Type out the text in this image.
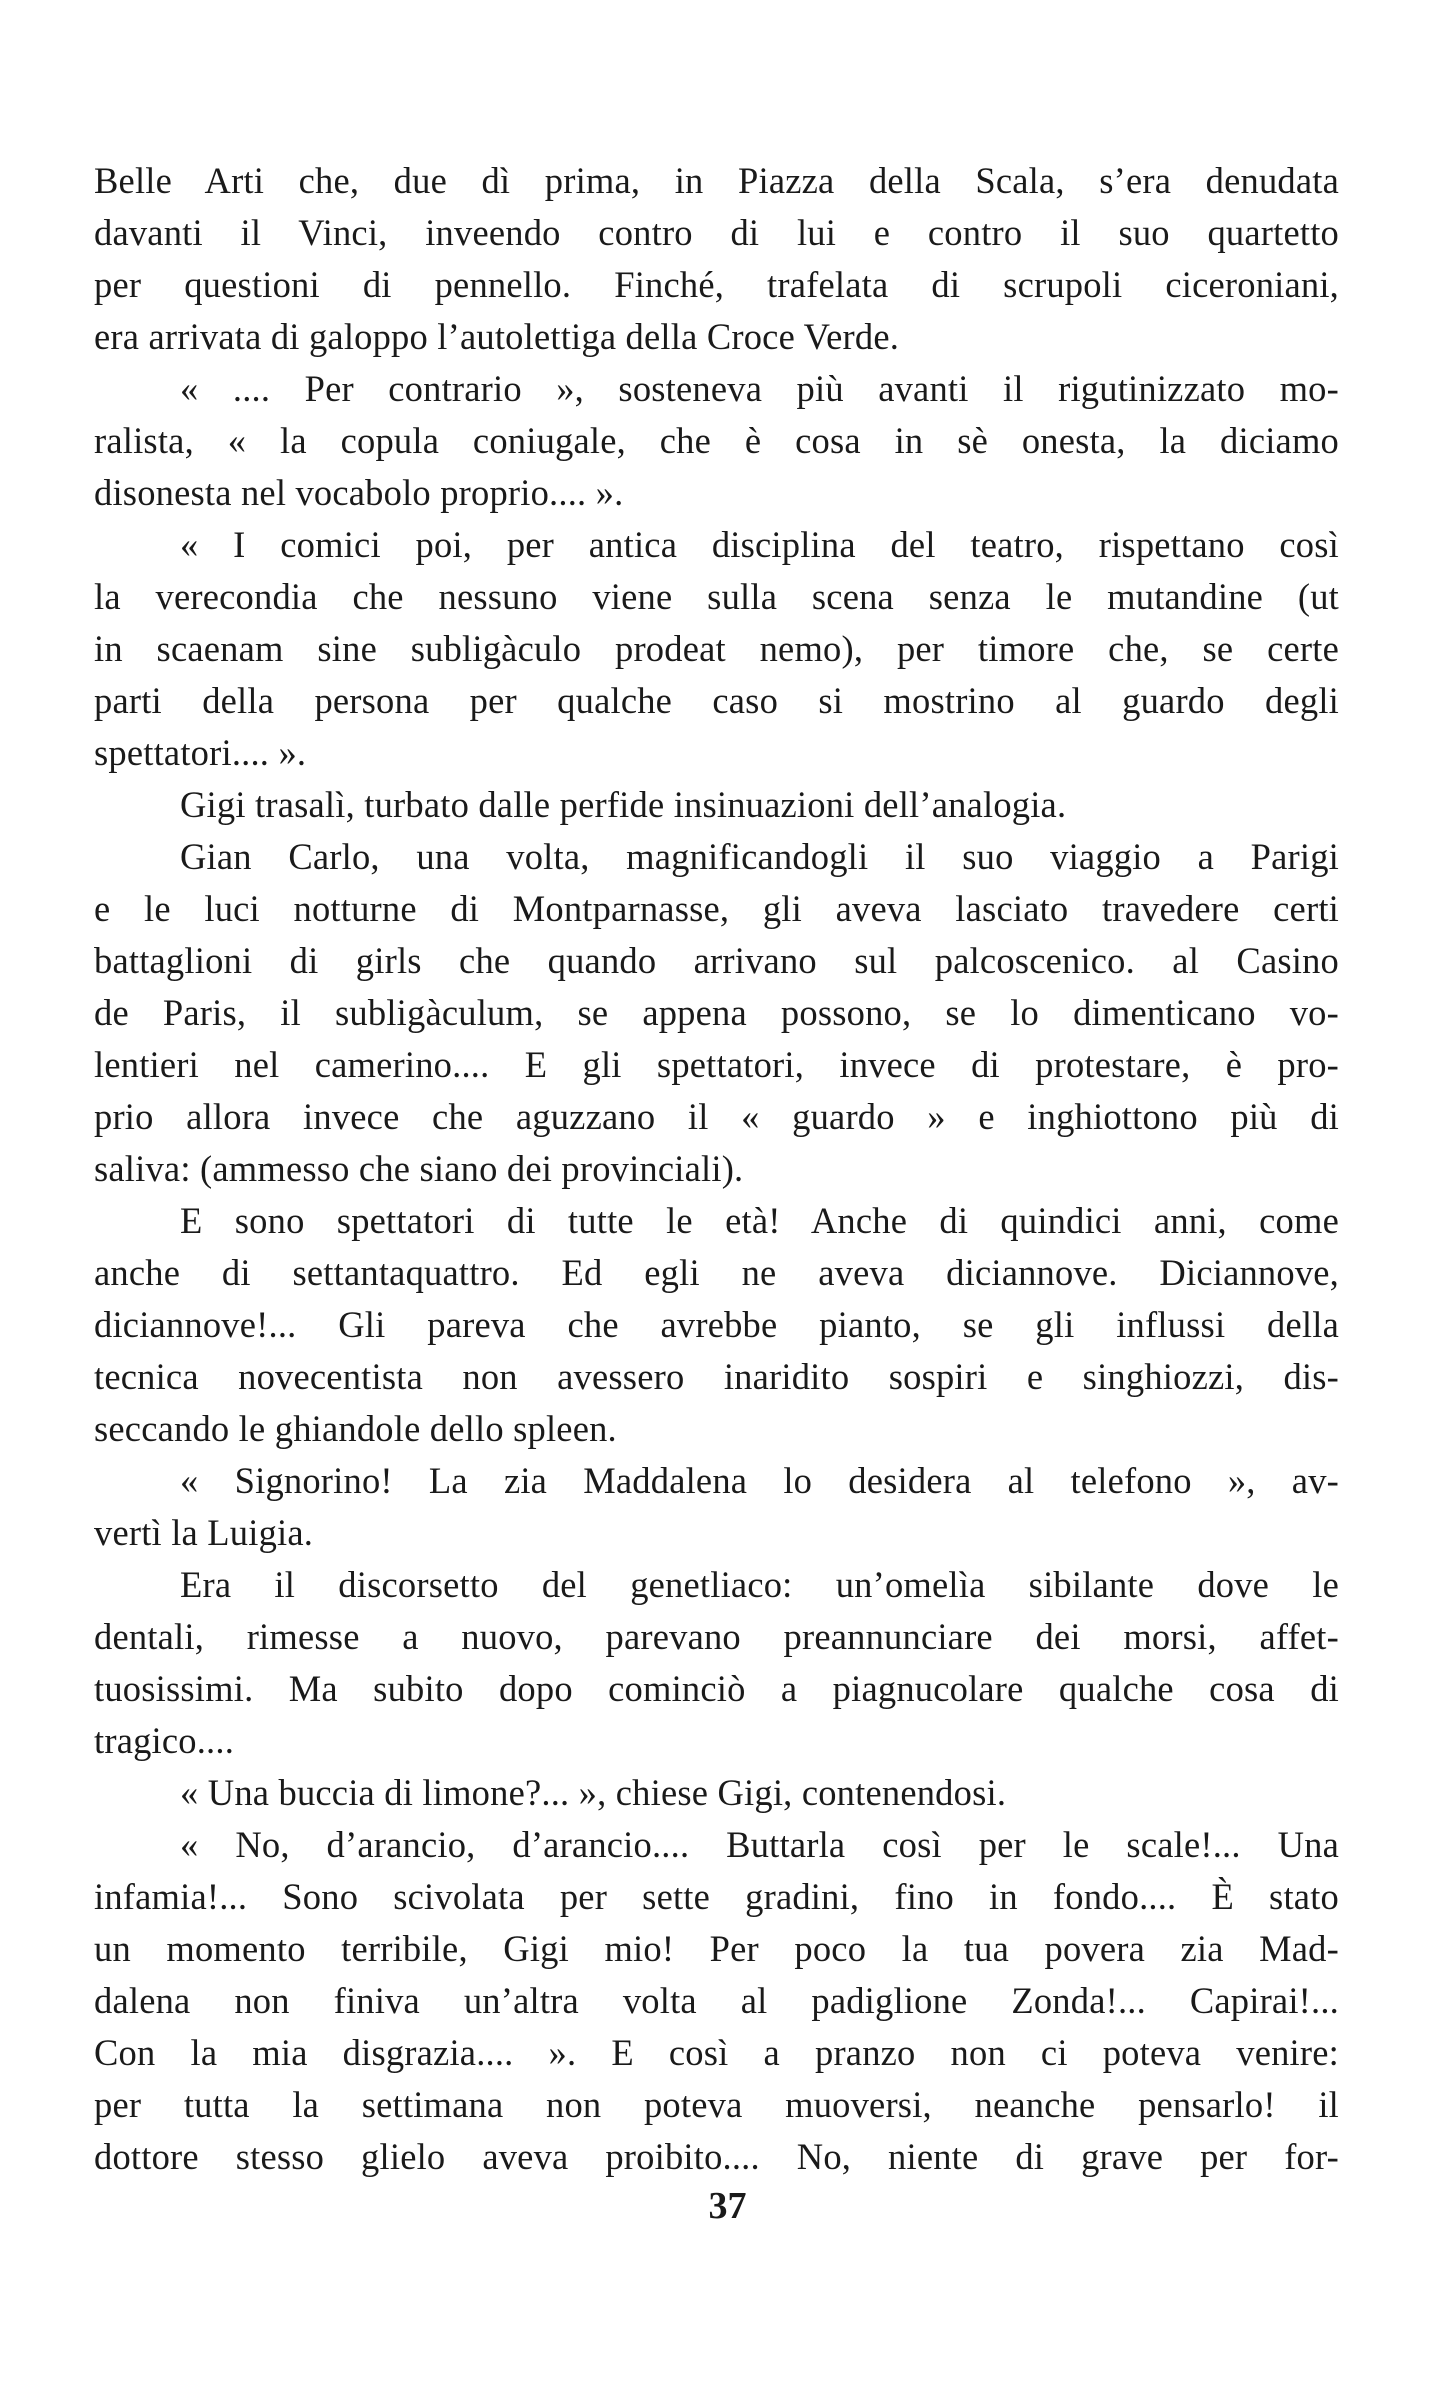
Belle Arti che, due dì prima, in Piazza della Scala, s’era denudata
davanti il Vinci, inveendo contro di lui e contro il suo quartetto
per questioni di pennello. Finché, trafelata di scrupoli ciceroniani,
era arrivata di galoppo l’autolettiga della Croce Verde.
« .... Per contrario », sosteneva più avanti il rigutinizzato mo-
ralista, « la copula coniugale, che è cosa in sè onesta, la diciamo
disonesta nel vocabolo proprio.... ».
« I comici poi, per antica disciplina del teatro, rispettano così
la verecondia che nessuno viene sulla scena senza le mutandine (ut
in scaenam sine subligàculo prodeat nemo), per timore che, se certe
parti della persona per qualche caso si mostrino al guardo degli
spettatori.... ».
Gigi trasalì, turbato dalle perfide insinuazioni dell’analogia.
Gian Carlo, una volta, magnificandogli il suo viaggio a Parigi
e le luci notturne di Montparnasse, gli aveva lasciato travedere certi
battaglioni di girls che quando arrivano sul palcoscenico. al Casino
de Paris, il subligàculum, se appena possono, se lo dimenticano vo-
lentieri nel camerino.... E gli spettatori, invece di protestare, è pro-
prio allora invece che aguzzano il « guardo » e inghiottono più di
saliva: (ammesso che siano dei provinciali).
E sono spettatori di tutte le età! Anche di quindici anni, come
anche di settantaquattro. Ed egli ne aveva diciannove. Diciannove,
diciannove!... Gli pareva che avrebbe pianto, se gli influssi della
tecnica novecentista non avessero inaridito sospiri e singhiozzi, dis-
seccando le ghiandole dello spleen.
« Signorino! La zia Maddalena lo desidera al telefono », av-
vertì la Luigia.
Era il discorsetto del genetliaco: un’omelìa sibilante dove le
dentali, rimesse a nuovo, parevano preannunciare dei morsi, affet-
tuosissimi. Ma subito dopo cominciò a piagnucolare qualche cosa di
tragico....
« Una buccia di limone?... », chiese Gigi, contenendosi.
« No, d’arancio, d’arancio.... Buttarla così per le scale!... Una
infamia!... Sono scivolata per sette gradini, fino in fondo.... È stato
un momento terribile, Gigi mio! Per poco la tua povera zia Mad-
dalena non finiva un’altra volta al padiglione Zonda!... Capirai!...
Con la mia disgrazia.... ». E così a pranzo non ci poteva venire:
per tutta la settimana non poteva muoversi, neanche pensarlo! il
dottore stesso glielo aveva proibito.... No, niente di grave per for-
37
